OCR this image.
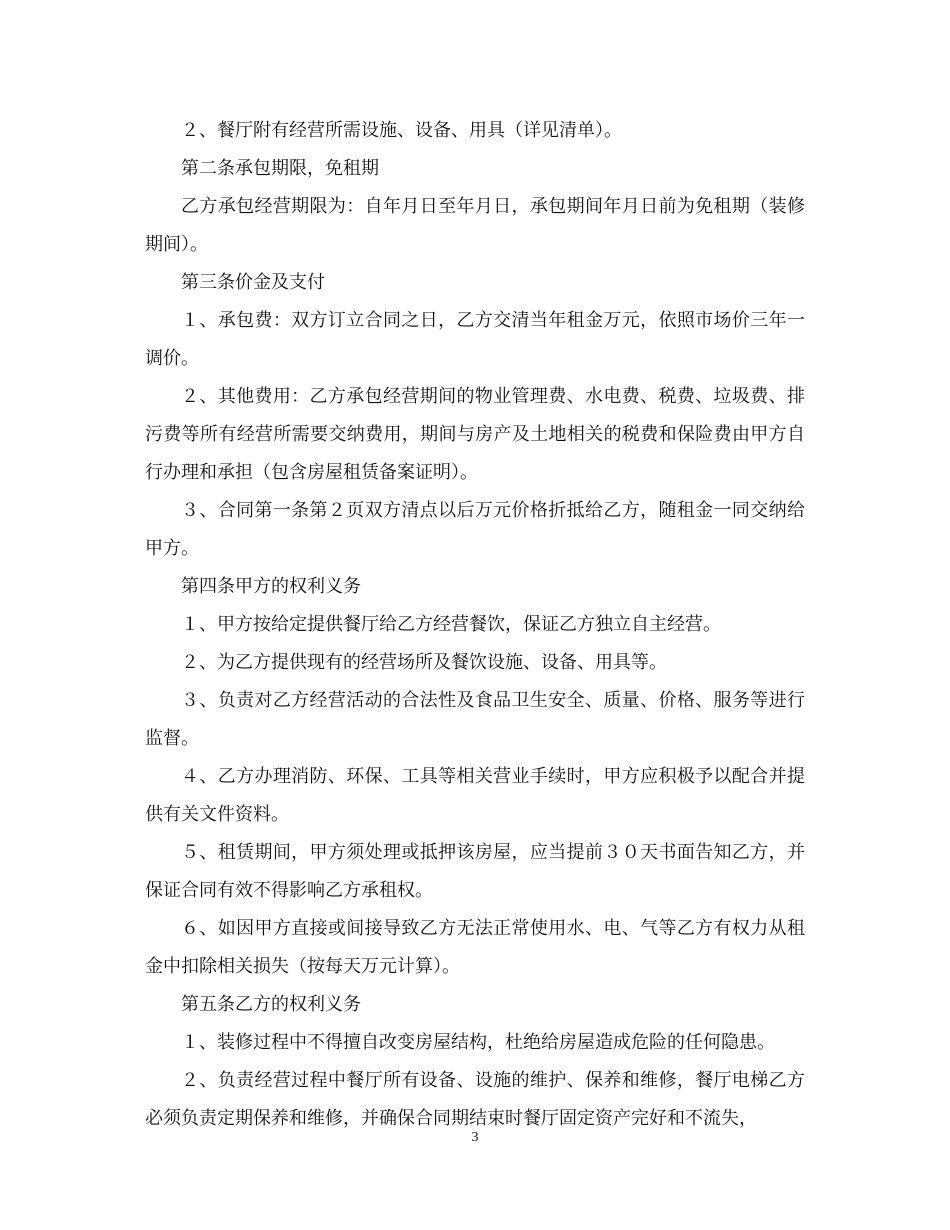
２、餐厅附有经营所需设施、设备、用具（详见清单）。

第二条承包期限，免租期

乙方承包经营期限为：自年月日至年月日，承包期间年月日前为免租期（装修期间）。

第三条价金及支付

１、承包费：双方订立合同之日，乙方交清当年租金万元，依照市场价三年一调价。

２、其他费用：乙方承包经营期间的物业管理费、水电费、税费、垃圾费、排污费等所有经营所需要交纳费用，期间与房产及土地相关的税费和保险费由甲方自行办理和承担（包含房屋租赁备案证明）。

３、合同第一条第２页双方清点以后万元价格折抵给乙方，随租金一同交纳给甲方。

第四条甲方的权利义务

１、甲方按给定提供餐厅给乙方经营餐饮，保证乙方独立自主经营。

２、为乙方提供现有的经营场所及餐饮设施、设备、用具等。

３、负责对乙方经营活动的合法性及食品卫生安全、质量、价格、服务等进行监督。

４、乙方办理消防、环保、工具等相关营业手续时，甲方应积极予以配合并提供有关文件资料。

５、租赁期间，甲方须处理或抵押该房屋，应当提前３０天书面告知乙方，并保证合同有效不得影响乙方承租权。

６、如因甲方直接或间接导致乙方无法正常使用水、电、气等乙方有权力从租金中扣除相关损失（按每天万元计算）。

第五条乙方的权利义务

１、装修过程中不得擅自改变房屋结构，杜绝给房屋造成危险的任何隐患。

２、负责经营过程中餐厅所有设备、设施的维护、保养和维修，餐厅电梯乙方必须负责定期保养和维修，并确保合同期结束时餐厅固定资产完好和不流失，

3
